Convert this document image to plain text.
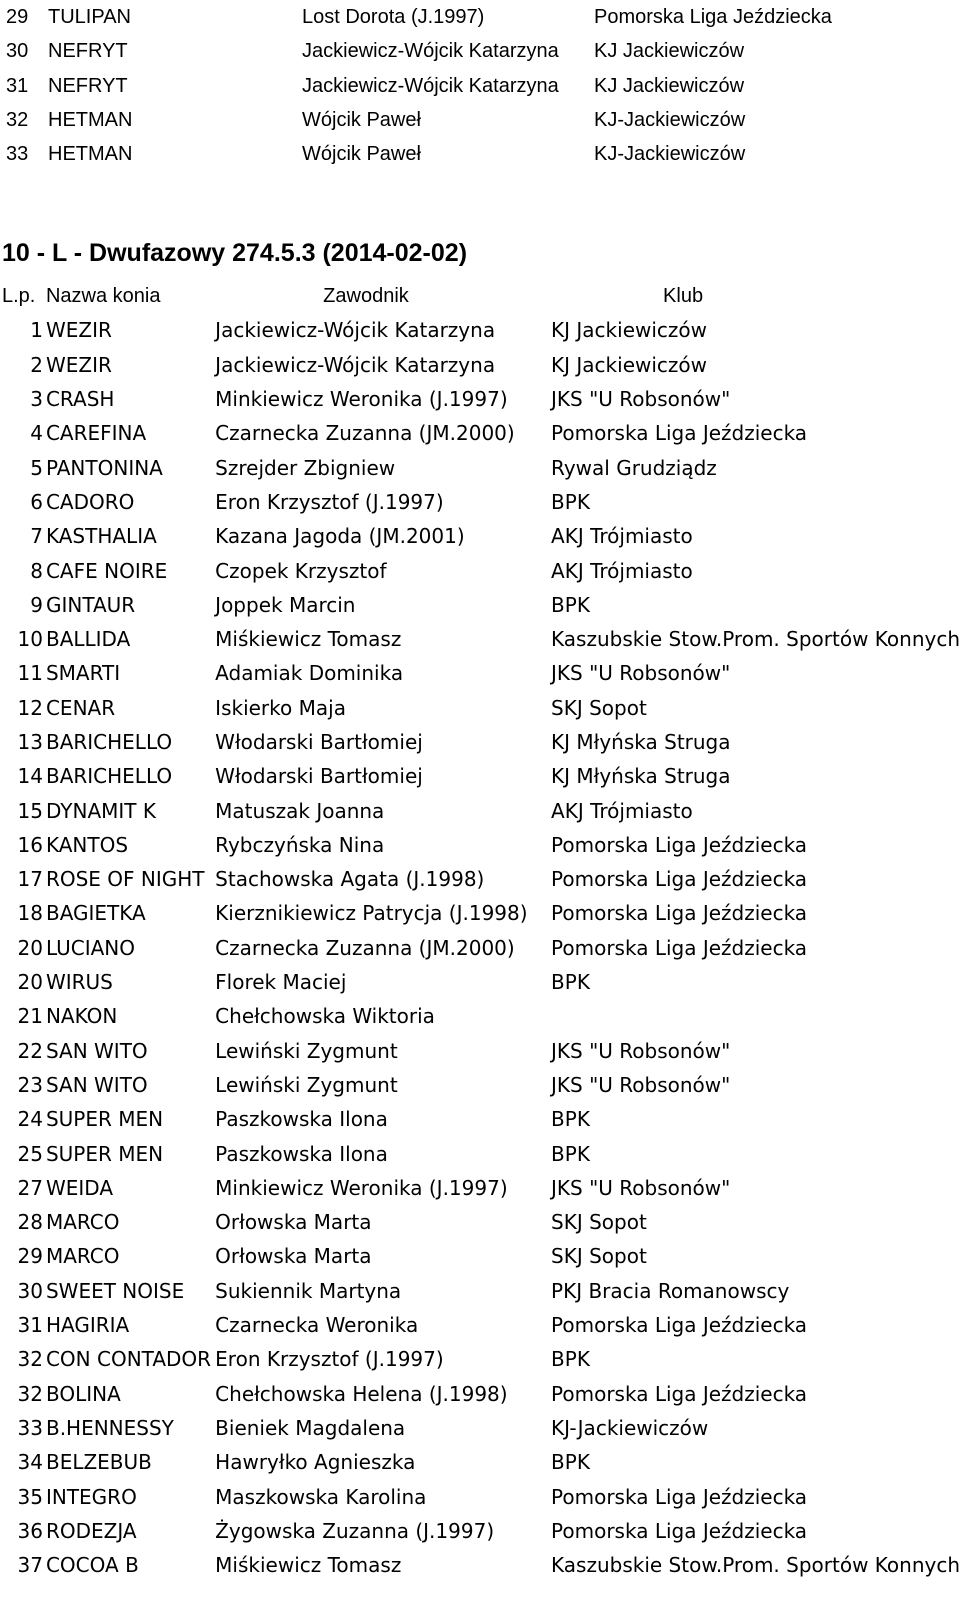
29	TULIPAN	Lost Dorota (J.1997)	Pomorska Liga Jeździecka
30	NEFRYT	Jackiewicz-Wójcik Katarzyna	KJ Jackiewiczów
31	NEFRYT	Jackiewicz-Wójcik Katarzyna	KJ Jackiewiczów
32	HETMAN	Wójcik Paweł	KJ-Jackiewiczów
33	HETMAN	Wójcik Paweł	KJ-Jackiewiczów
10 - L - Dwufazowy 274.5.3 (2014-02-02)
L.p.	Nazwa konia	Zawodnik	Klub
1	WEZIR	Jackiewicz-Wójcik Katarzyna	KJ Jackiewiczów
2	WEZIR	Jackiewicz-Wójcik Katarzyna	KJ Jackiewiczów
3	CRASH	Minkiewicz Weronika (J.1997)	JKS "U Robsonów"
4	CAREFINA	Czarnecka Zuzanna (JM.2000)	Pomorska Liga Jeździecka
5	PANTONINA	Szrejder Zbigniew	Rywal Grudziądz
6	CADORO	Eron Krzysztof (J.1997)	BPK
7	KASTHALIA	Kazana Jagoda (JM.2001)	AKJ Trójmiasto
8	CAFE NOIRE	Czopek Krzysztof	AKJ Trójmiasto
9	GINTAUR	Joppek Marcin	BPK
10	BALLIDA	Miśkiewicz Tomasz	Kaszubskie Stow.Prom. Sportów Konnych
11	SMARTI	Adamiak Dominika	JKS "U Robsonów"
12	CENAR	Iskierko Maja	SKJ Sopot
13	BARICHELLO	Włodarski Bartłomiej	KJ Młyńska Struga
14	BARICHELLO	Włodarski Bartłomiej	KJ Młyńska Struga
15	DYNAMIT K	Matuszak Joanna	AKJ Trójmiasto
16	KANTOS	Rybczyńska Nina	Pomorska Liga Jeździecka
17	ROSE OF NIGHT	Stachowska Agata (J.1998)	Pomorska Liga Jeździecka
18	BAGIETKA	Kierznikiewicz Patrycja (J.1998)	Pomorska Liga Jeździecka
20	LUCIANO	Czarnecka Zuzanna (JM.2000)	Pomorska Liga Jeździecka
20	WIRUS	Florek Maciej	BPK
21	NAKON	Chełchowska Wiktoria	
22	SAN WITO	Lewiński Zygmunt	JKS "U Robsonów"
23	SAN WITO	Lewiński Zygmunt	JKS "U Robsonów"
24	SUPER MEN	Paszkowska Ilona	BPK
25	SUPER MEN	Paszkowska Ilona	BPK
27	WEIDA	Minkiewicz Weronika (J.1997)	JKS "U Robsonów"
28	MARCO	Orłowska Marta	SKJ Sopot
29	MARCO	Orłowska Marta	SKJ Sopot
30	SWEET NOISE	Sukiennik Martyna	PKJ Bracia Romanowscy
31	HAGIRIA	Czarnecka Weronika	Pomorska Liga Jeździecka
32	CON CONTADOR	Eron Krzysztof (J.1997)	BPK
32	BOLINA	Chełchowska Helena (J.1998)	Pomorska Liga Jeździecka
33	B.HENNESSY	Bieniek Magdalena	KJ-Jackiewiczów
34	BELZEBUB	Hawryłko Agnieszka	BPK
35	INTEGRO	Maszkowska Karolina	Pomorska Liga Jeździecka
36	RODEZJA	Żygowska Zuzanna (J.1997)	Pomorska Liga Jeździecka
37	COCOA B	Miśkiewicz Tomasz	Kaszubskie Stow.Prom. Sportów Konnych
